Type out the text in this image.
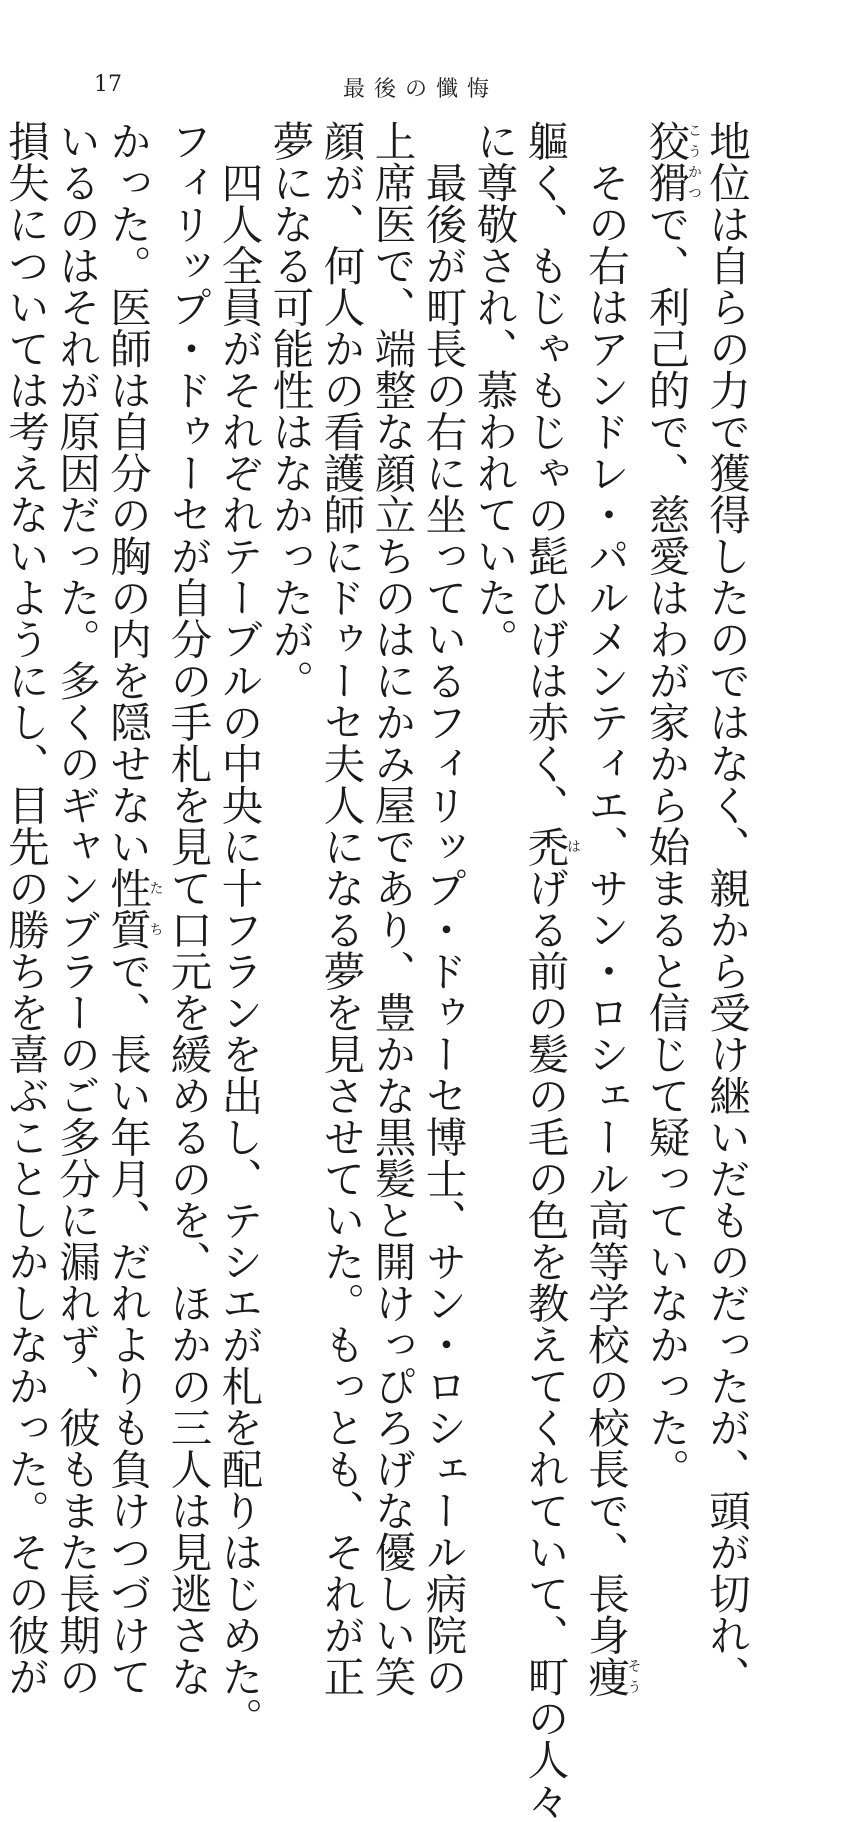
17	最後の懺悔
地位は自らの力で獲得したのではなく、親から受け継いだものだったが、頭が切れ、
狡猾こうかつで、利己的で、慈愛はわが家から始まると信じて疑っていなかった。
　その右はアンドレ・パルメンティエ、サン・ロシェール高等学校の校長で、長身痩そう
軀く、もじゃもじゃの髭ひげは赤く、禿はげる前の髪の毛の色を教えてくれていて、町の人々
に尊敬され、慕われていた。
　最後が町長の右に坐っているフィリップ・ドゥーセ博士、サン・ロシェール病院の
上席医で、端整な顔立ちのはにかみ屋であり、豊かな黒髪と開けっぴろげな優しい笑
顔が、何人かの看護師にドゥーセ夫人になる夢を見させていた。もっとも、それが正
夢になる可能性はなかったが。
　四人全員がそれぞれテーブルの中央に十フランを出し、テシエが札を配りはじめた。
フィリップ・ドゥーセが自分の手札を見て口元を緩めるのを、ほかの三人は見逃さな
かった。医師は自分の胸の内を隠せない性質たちで、長い年月、だれよりも負けつづけて
いるのはそれが原因だった。多くのギャンブラーのご多分に漏れず、彼もまた長期の
損失については考えないようにし、目先の勝ちを喜ぶことしかしなかった。その彼が
